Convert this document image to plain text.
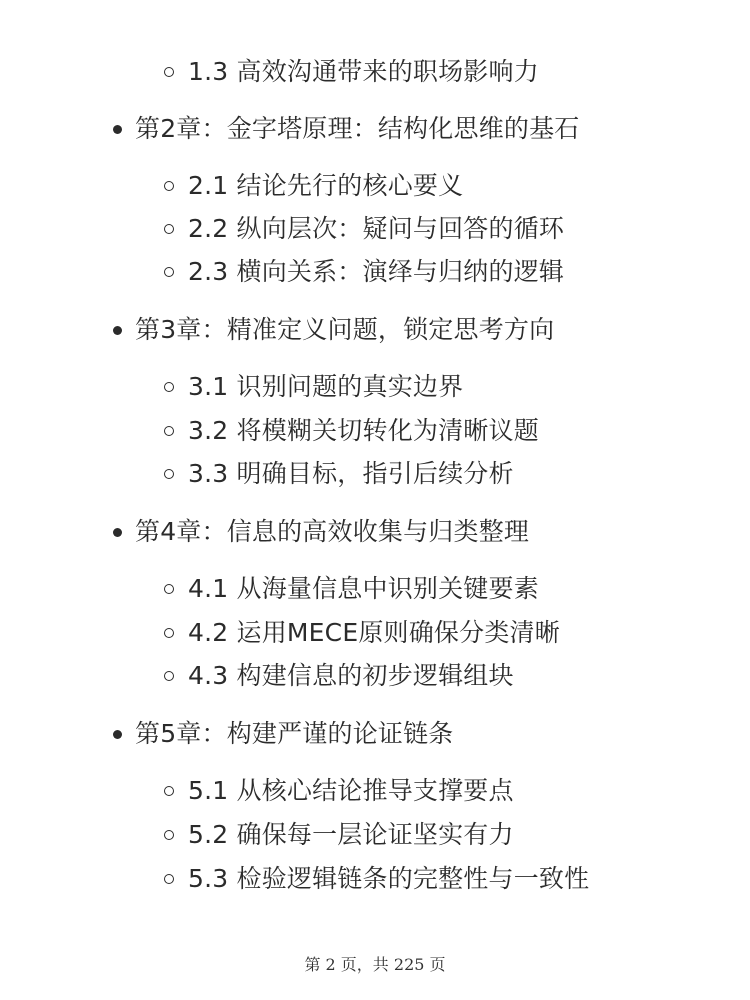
1.3 高效沟通带来的职场影响力
第2章：金字塔原理：结构化思维的基石
2.1 结论先行的核心要义
2.2 纵向层次：疑问与回答的循环
2.3 横向关系：演绎与归纳的逻辑
第3章：精准定义问题，锁定思考方向
3.1 识别问题的真实边界
3.2 将模糊关切转化为清晰议题
3.3 明确目标，指引后续分析
第4章：信息的高效收集与归类整理
4.1 从海量信息中识别关键要素
4.2 运用MECE原则确保分类清晰
4.3 构建信息的初步逻辑组块
第5章：构建严谨的论证链条
5.1 从核心结论推导支撑要点
5.2 确保每一层论证坚实有力
5.3 检验逻辑链条的完整性与一致性
第 2 页，共 225 页
